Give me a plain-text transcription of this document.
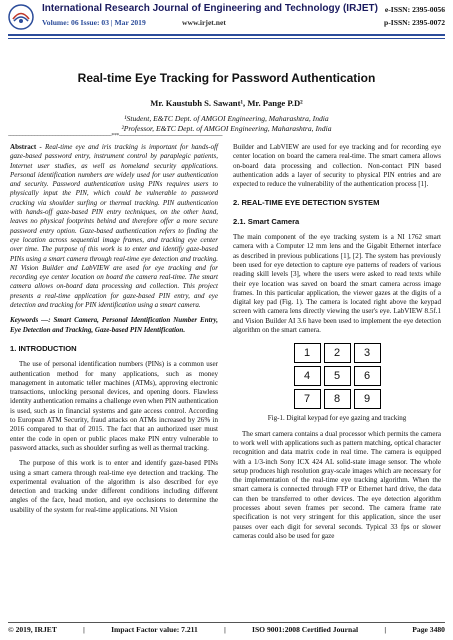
International Research Journal of Engineering and Technology (IRJET)
Volume: 06 Issue: 03 | Mar 2019	www.irjet.net
e-ISSN: 2395-0056
p-ISSN: 2395-0072
Real-time Eye Tracking for Password Authentication
Mr. Kaustubh S. Sawant¹, Mr. Pange P.D²
¹Student, E&TC Dept. of AMGOI Engineering, Maharashtra, India
²Professor, E&TC Dept. of AMGOI Engineering, Maharashtra, India
---------------------------------------------------------------------***---------------------------------------------------------------------

Abstract - Real-time eye and iris tracking is important for hands-off gaze-based password entry, instrument control by paraplegic patients, Internet user studies, as well as homeland security applications. Personal identification numbers are widely used for user authentication and security. Password authentication using PINs requires users to physically input the PIN, which could be vulnerable to password cracking via shoulder surfing or thermal tracking. PIN authentication with hands-off gaze-based PIN entry techniques, on the other hand, leaves no physical footprints behind and therefore offer a more secure password entry option. Gaze-based authentication refers to finding the eye location across sequential image frames, and tracking eye center over time. The purpose of this work is to enter and identify gaze-based PINs using a smart camera through real-time eye detection and tracking. NI Vision Builder and LabVIEW are used for eye tracking and for recording eye center location on board the camera real-time. The smart camera allows on-board data processing and collection. This project presents a real-time application for gaze-based PIN entry, and eye detection and tracking for PIN identification using a smart camera.

Keywords —: Smart Camera, Personal Identification Number Entry, Eye Detection and Tracking, Gaze-based PIN Identification.

1. INTRODUCTION

The use of personal identification numbers (PINs) is a common user authentication method for many applications, such as money management in automatic teller machines (ATMs), approving electronic transactions, unlocking personal devices, and opening doors. Flawless identity authentication remains a challenge even when PIN authentication is used, such as in financial systems and gate access control. According to European ATM Security, fraud attacks on ATMs increased by 26% in 2016 compared to that of 2015. The fact that an authorized user must enter the code in open or public places make PIN entry vulnerable to password attacks, such as shoulder surfing as well as thermal tracking.

The purpose of this work is to enter and identify gaze-based PINs using a smart camera through real-time eye detection and tracking. The experimental evaluation of the algorithm is also described for eye detection and tracking under different conditions including different angles of the face, head motion, and eye occlusions to determine the usability of the system for real-time applications. NI Vision

Builder and LabVIEW are used for eye tracking and for recording eye center location on board the camera real-time. The smart camera allows on-board data processing and collection. Non-contact PIN based authentication adds a layer of security to physical PIN entries and are expected to reduce the vulnerability of the authentication process [1].

2. REAL-TIME EYE DETECTION SYSTEM
2.1. Smart Camera

The main component of the eye tracking system is a NI 1762 smart camera with a Computer 12 mm lens and the Gigabit Ethernet interface as described in previous publications [1], [2]. The system has previously been used for eye detection to capture eye patterns of readers of various reading skill levels [3], where the users were asked to read texts while their eye location was saved on board the smart camera across image frames. In this particular application, the viewer gazes at the digits of a digital key pad (Fig. 1). The camera is located right above the keypad screen with camera lens directly viewing the user's eye. LabVIEW 8.5f.1 and Vision Builder AI 3.6 have been used to implement the eye detection algorithm on the smart camera.

1	2	3
4	5	6
7	8	9

Fig-1. Digital keypad for eye gazing and tracking

The smart camera contains a dual processor which permits the camera to work well with applications such as pattern matching, optical character recognition and data matrix code in real time. The camera is equipped with a 1/3-inch Sony ICX 424 AL solid-state image sensor. The whole setup produces high resolution gray-scale images which are necessary for the implementation of the real-time eye tracking algorithm. When the smart camera is connected through FTP or Ethernet hard drive, the data can then be transferred to other devices. The eye detection algorithm processes about seven frames per second. The camera frame rate specification is not very stringent for this application, since the user pauses over each digit for several seconds. Typical 33 fps or slower cameras could also be used for gaze

© 2019, IRJET	|	Impact Factor value: 7.211	|	ISO 9001:2008 Certified Journal	|	Page 3480
